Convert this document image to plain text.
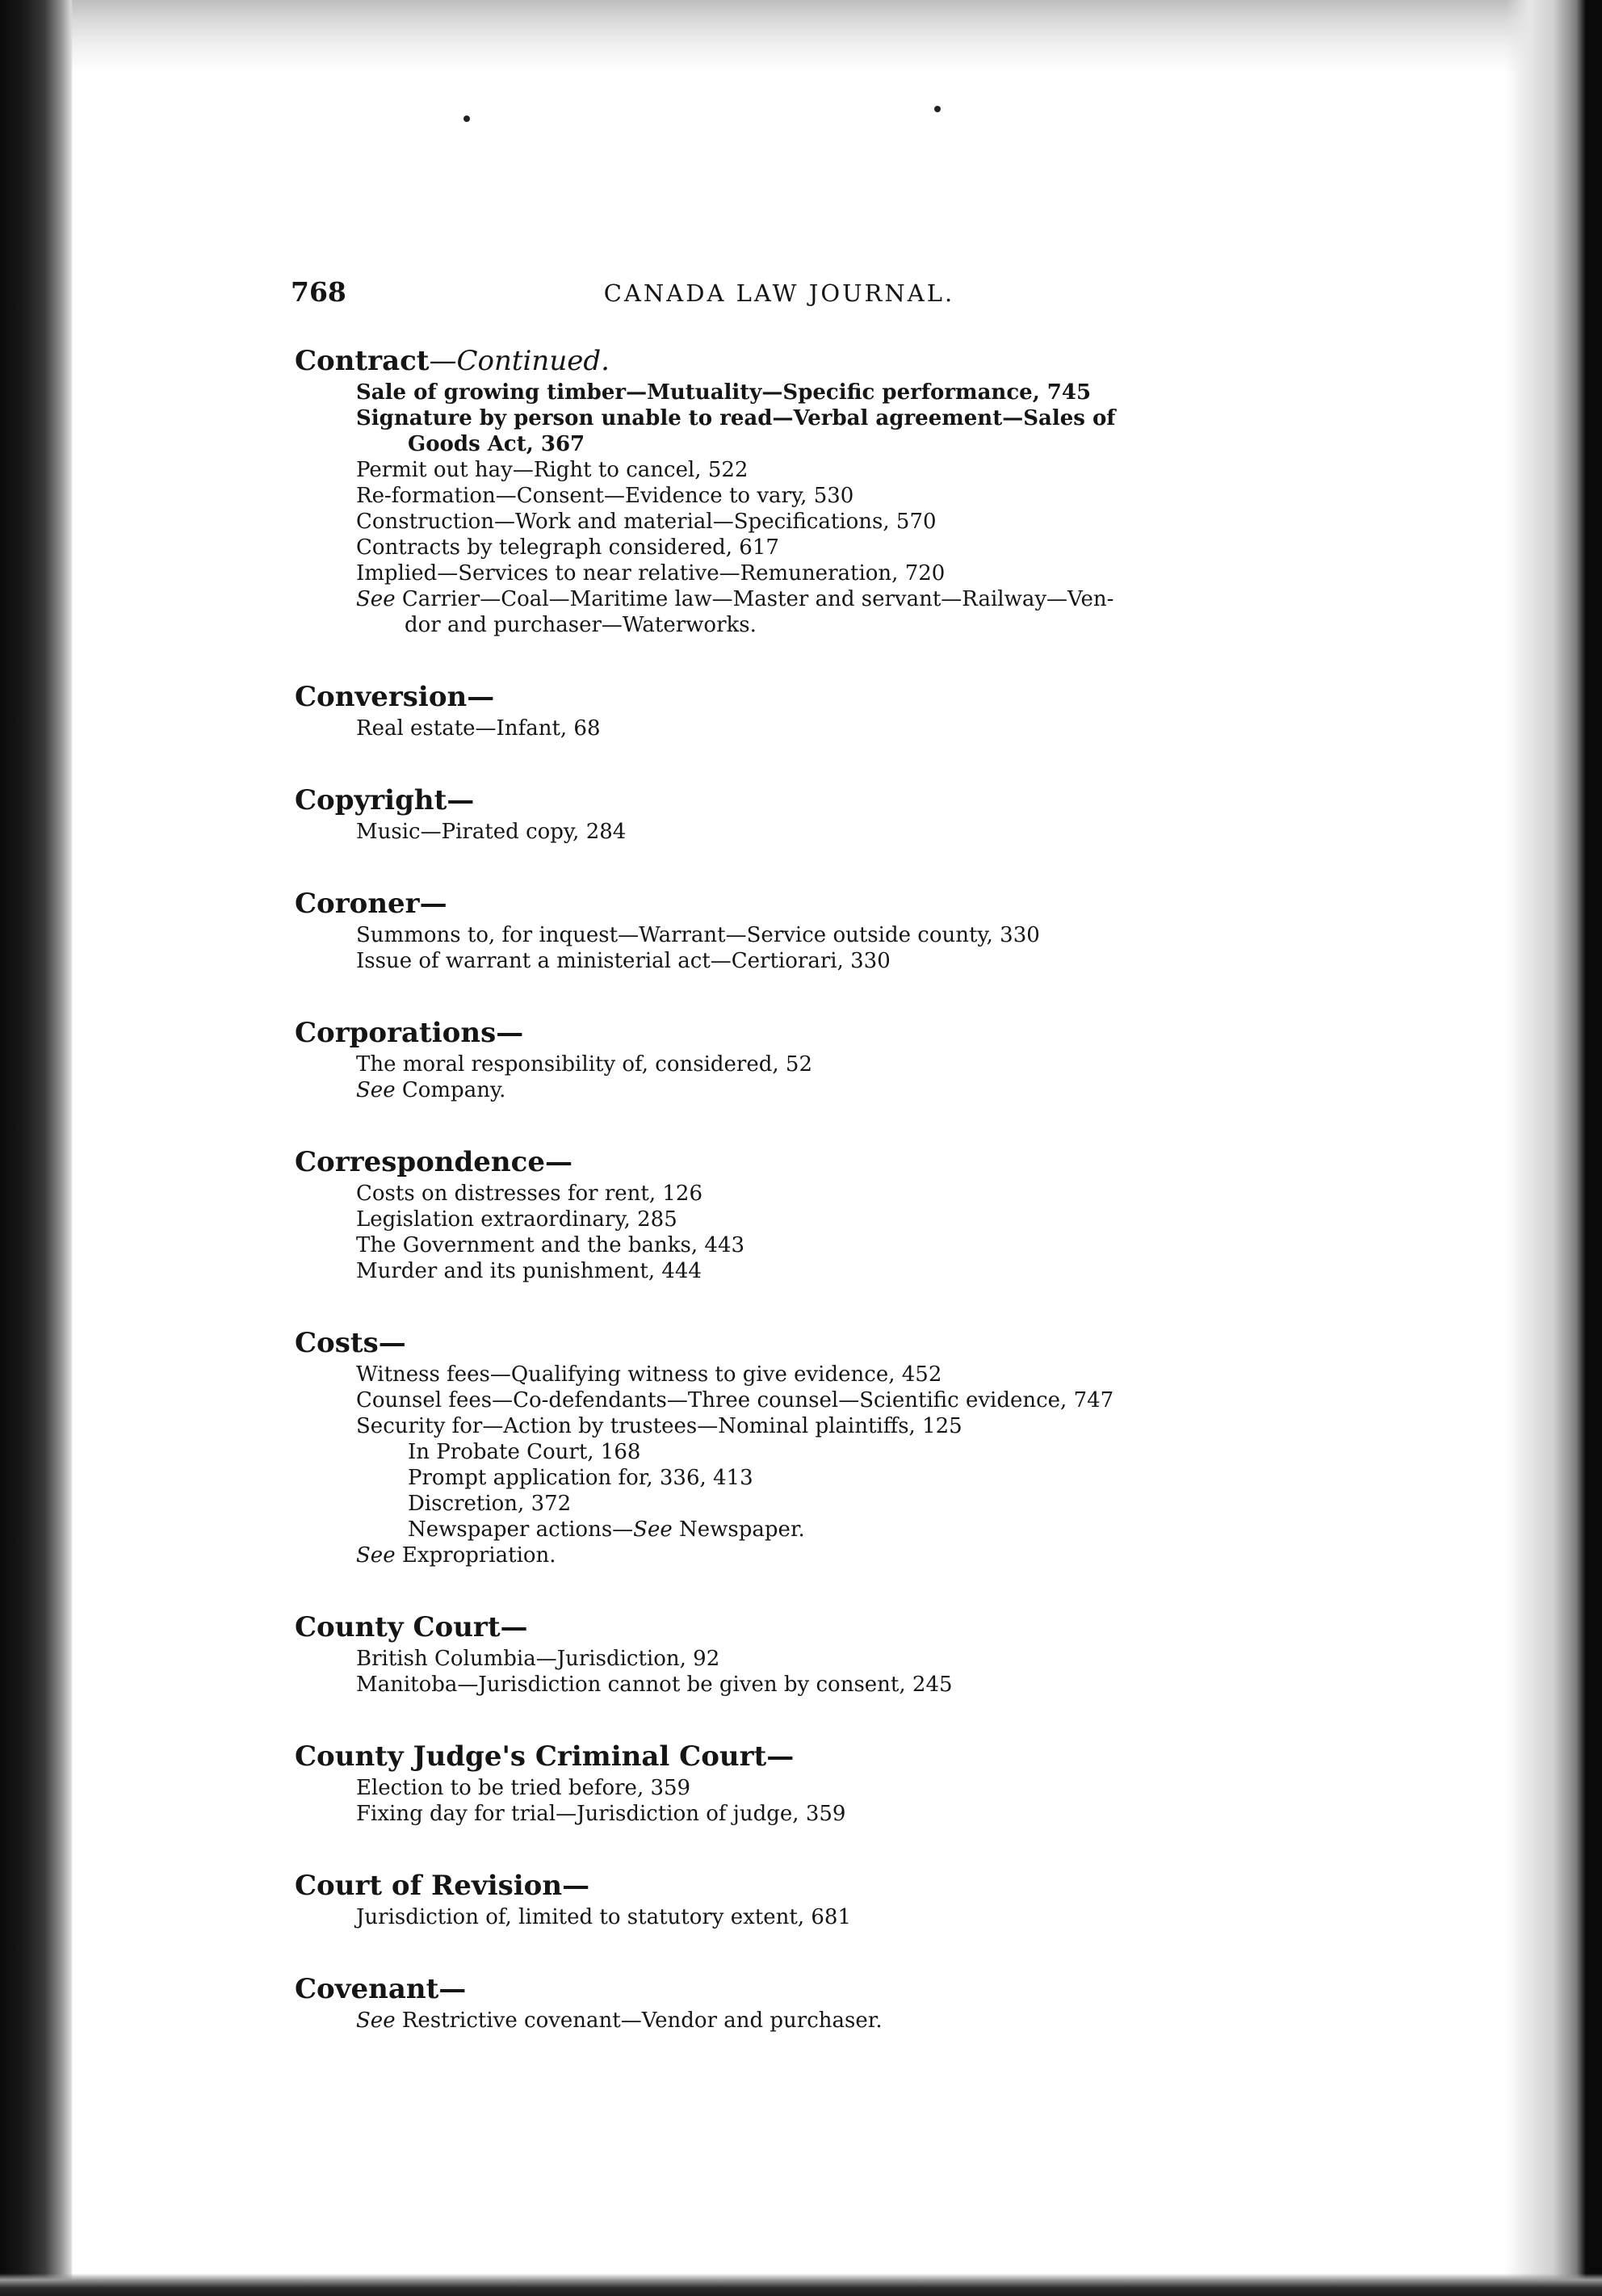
768	CANADA LAW JOURNAL.
Contract—Continued.
Sale of growing timber—Mutuality—Specific performance, 745
Signature by person unable to read—Verbal agreement—Sales of
Goods Act, 367
Permit out hay—Right to cancel, 522
Re-formation—Consent—Evidence to vary, 530
Construction—Work and material—Specifications, 570
Contracts by telegraph considered, 617
Implied—Services to near relative—Remuneration, 720
See Carrier—Coal—Maritime law—Master and servant—Railway—Ven-
dor and purchaser—Waterworks.
Conversion—
Real estate—Infant, 68
Copyright—
Music—Pirated copy, 284
Coroner—
Summons to, for inquest—Warrant—Service outside county, 330
Issue of warrant a ministerial act—Certiorari, 330
Corporations—
The moral responsibility of, considered, 52
See Company.
Correspondence—
Costs on distresses for rent, 126
Legislation extraordinary, 285
The Government and the banks, 443
Murder and its punishment, 444
Costs—
Witness fees—Qualifying witness to give evidence, 452
Counsel fees—Co-defendants—Three counsel—Scientific evidence, 747
Security for—Action by trustees—Nominal plaintiffs, 125
In Probate Court, 168
Prompt application for, 336, 413
Discretion, 372
Newspaper actions—See Newspaper.
See Expropriation.
County Court—
British Columbia—Jurisdiction, 92
Manitoba—Jurisdiction cannot be given by consent, 245
County Judge's Criminal Court—
Election to be tried before, 359
Fixing day for trial—Jurisdiction of judge, 359
Court of Revision—
Jurisdiction of, limited to statutory extent, 681
Covenant—
See Restrictive covenant—Vendor and purchaser.
